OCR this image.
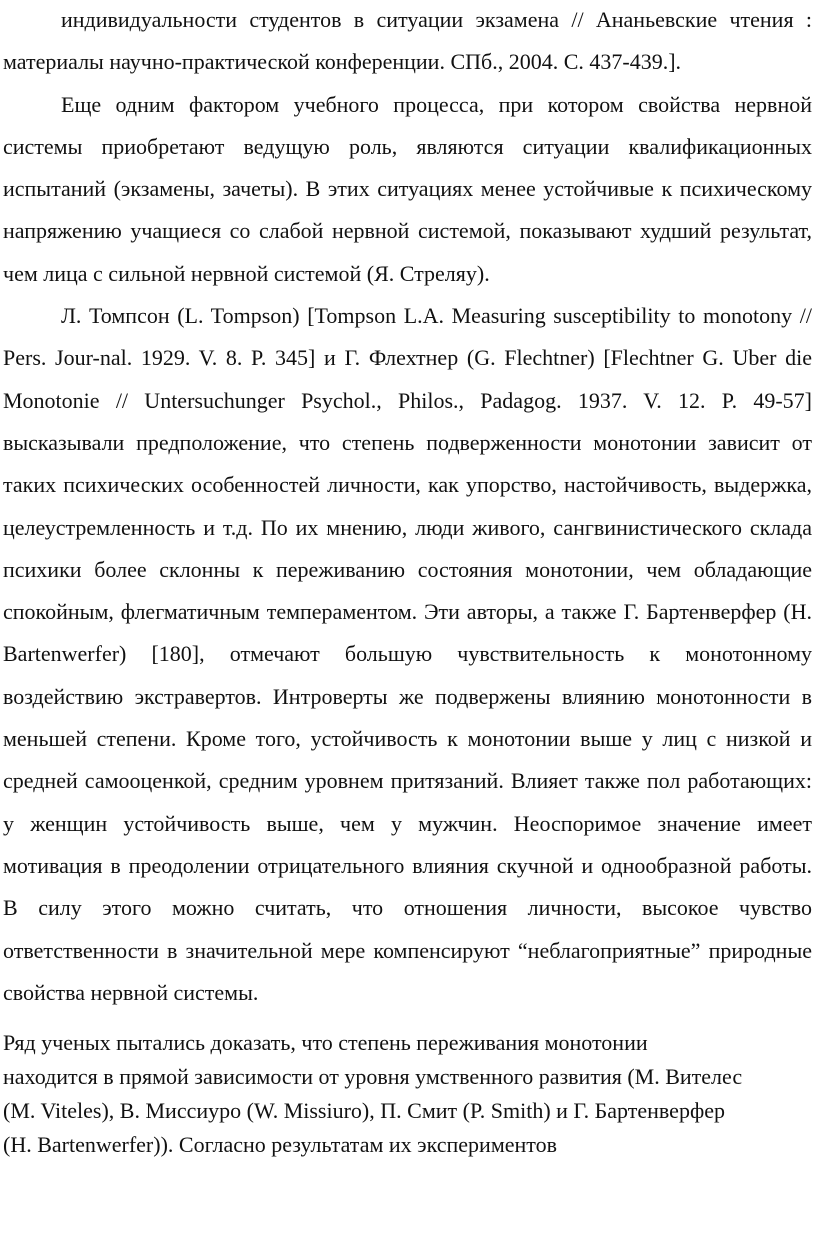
индивидуальности студентов в ситуации экзамена // Ананьевские чтения : материалы научно-практической конференции. СПб., 2004. С. 437-439.].

Еще одним фактором учебного процесса, при котором свойства нервной системы приобретают ведущую роль, являются ситуации квалификационных испытаний (экзамены, зачеты). В этих ситуациях менее устойчивые к психическому напряжению учащиеся со слабой нервной системой, показывают худший результат, чем лица с сильной нервной системой (Я. Стреляу).

Л. Томпсон (L. Tompson) [Tompson L.A. Measuring susceptibility to monotony // Pers. Jour-nal. 1929. V. 8. P. 345] и Г. Флехтнер (G. Flechtner) [Flechtner G. Uber die Monotonie // Untersuchunger Psychol., Philos., Padagog. 1937. V. 12. P. 49-57] высказывали предположение, что степень подверженности монотонии зависит от таких психических особенностей личности, как упорство, настойчивость, выдержка, целеустремленность и т.д. По их мнению, люди живого, сангвинистического склада психики более склонны к переживанию состояния монотонии, чем обладающие спокойным, флегматичным темпераментом. Эти авторы, а также Г. Бартенверфер (H. Bartenwerfer) [180], отмечают большую чувствительность к монотонному воздействию экстравертов. Интроверты же подвержены влиянию монотонности в меньшей степени. Кроме того, устойчивость к монотонии выше у лиц с низкой и средней самооценкой, средним уровнем притязаний. Влияет также пол работающих: у женщин устойчивость выше, чем у мужчин. Неоспоримое значение имеет мотивация в преодолении отрицательного влияния скучной и однообразной работы. В силу этого можно считать, что отношения личности, высокое чувство ответственности в значительной мере компенсируют “неблагоприятные” природные свойства нервной системы.

Ряд ученых пытались доказать, что степень переживания монотонии находится в прямой зависимости от уровня умственного развития (М. Вителес (M. Viteles), В. Миссиуро (W. Missiuro), П. Смит (P. Smith) и Г. Бартенверфер (H. Bartenwerfer)). Согласно результатам их экспериментов
